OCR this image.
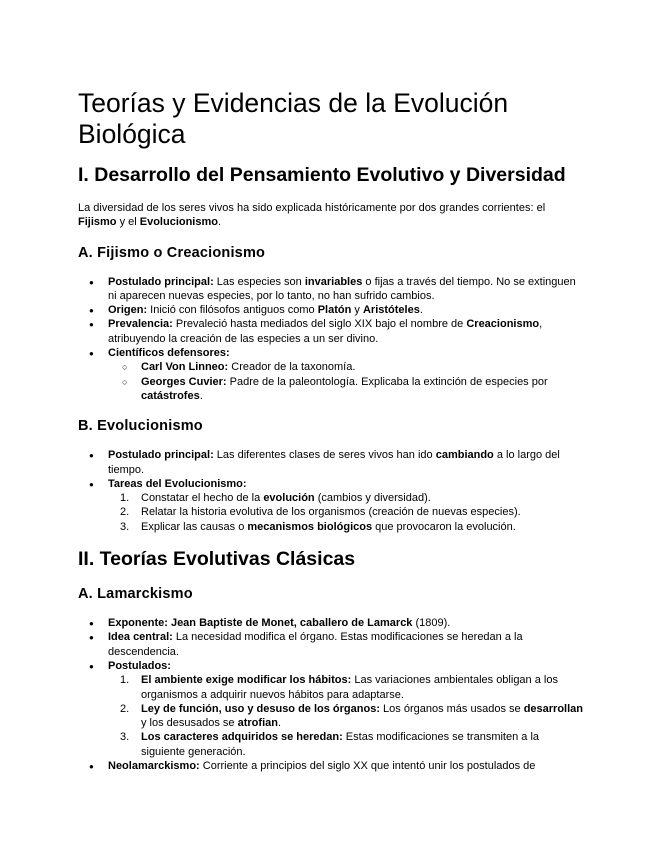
Teorías y Evidencias de la Evolución Biológica
I. Desarrollo del Pensamiento Evolutivo y Diversidad

La diversidad de los seres vivos ha sido explicada históricamente por dos grandes corrientes: el Fijismo y el Evolucionismo.

A. Fijismo o Creacionismo
● Postulado principal: Las especies son invariables o fijas a través del tiempo. No se extinguen ni aparecen nuevas especies, por lo tanto, no han sufrido cambios.
● Origen: Inició con filósofos antiguos como Platón y Aristóteles.
● Prevalencia: Prevaleció hasta mediados del siglo XIX bajo el nombre de Creacionismo, atribuyendo la creación de las especies a un ser divino.
● Científicos defensores:
○ Carl Von Linneo: Creador de la taxonomía.
○ Georges Cuvier: Padre de la paleontología. Explicaba la extinción de especies por catástrofes.
B. Evolucionismo
● Postulado principal: Las diferentes clases de seres vivos han ido cambiando a lo largo del tiempo.
● Tareas del Evolucionismo:
1. Constatar el hecho de la evolución (cambios y diversidad).
2. Relatar la historia evolutiva de los organismos (creación de nuevas especies).
3. Explicar las causas o mecanismos biológicos que provocaron la evolución.
II. Teorías Evolutivas Clásicas
A. Lamarckismo
● Exponente: Jean Baptiste de Monet, caballero de Lamarck (1809).
● Idea central: La necesidad modifica el órgano. Estas modificaciones se heredan a la descendencia.
● Postulados:
1. El ambiente exige modificar los hábitos: Las variaciones ambientales obligan a los organismos a adquirir nuevos hábitos para adaptarse.
2. Ley de función, uso y desuso de los órganos: Los órganos más usados se desarrollan y los desusados se atrofian.
3. Los caracteres adquiridos se heredan: Estas modificaciones se transmiten a la siguiente generación.
● Neolamarckismo: Corriente a principios del siglo XX que intentó unir los postulados de
